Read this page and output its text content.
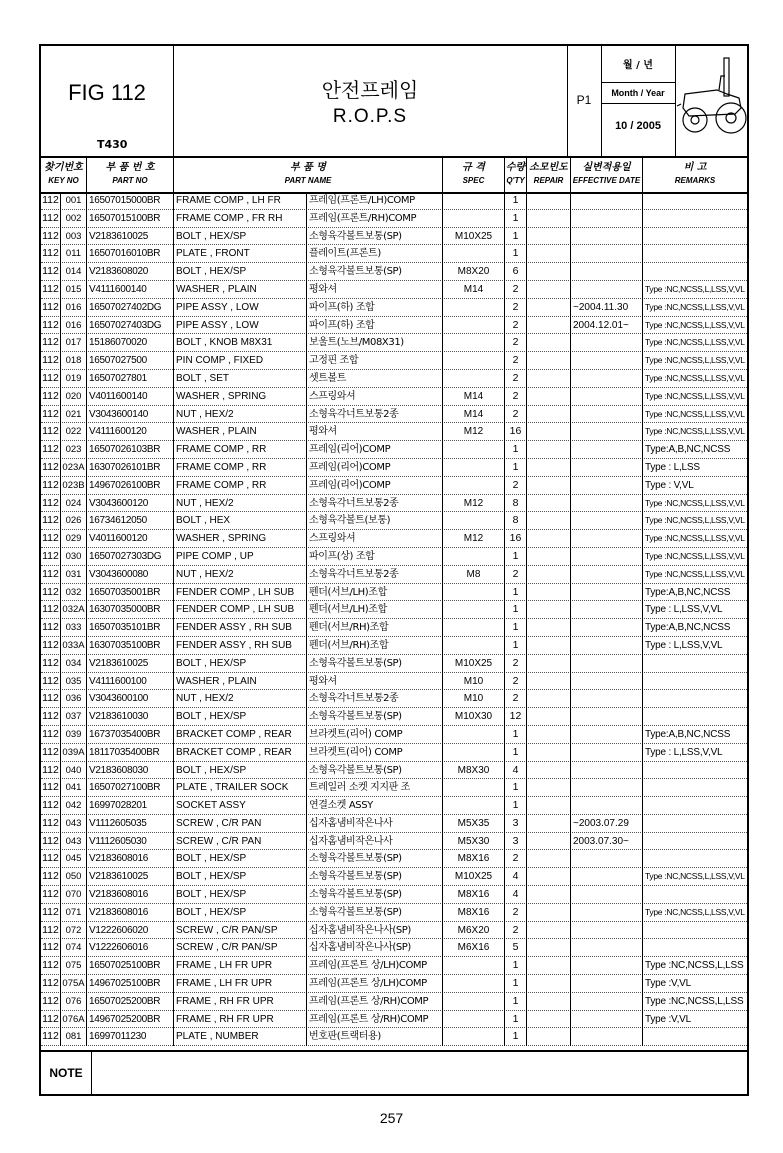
FIG 112
T430
안전프레임
R.O.P.S
P1
월 / 년
Month / Year
10 / 2005
찾기번호
KEY NO
부 품 번 호
PART NO
부 품 명
PART NAME
규 격
SPEC
수량
Q'TY
소모빈도
REPAIR
실변적용일
EFFECTIVE DATE
비 고
REMARKS
112 001 16507015000BR	FRAME COMP , LH FR	프레임(프론트/LH)COMP	1
112 002 16507015100BR	FRAME COMP , FR RH	프레임(프론트/RH)COMP	1
112 003 V2183610025	BOLT , HEX/SP	소형육각볼트보통(SP)	M10X25	1
112 011 16507016010BR	PLATE , FRONT	플레이트(프론트)	1
112 014 V2183608020	BOLT , HEX/SP	소형육각볼트보통(SP)	M8X20	6
112 015 V4111600140	WASHER , PLAIN	평와셔	M14	2	Type :NC,NCSS,L,LSS,V,VL
112 016 16507027402DG	PIPE ASSY , LOW	파이프(하) 조합	2	~2004.11.30	Type :NC,NCSS,L,LSS,V,VL
112 016 16507027403DG	PIPE ASSY , LOW	파이프(하) 조합	2	2004.12.01~	Type :NC,NCSS,L,LSS,V,VL
112 017 15186070020	BOLT , KNOB M8X31	보울트(노브/M08X31)	2	Type :NC,NCSS,L,LSS,V,VL
112 018 16507027500	PIN COMP , FIXED	고정핀 조합	2	Type :NC,NCSS,L,LSS,V,VL
112 019 16507027801	BOLT , SET	셋트볼트	2	Type :NC,NCSS,L,LSS,V,VL
112 020 V4011600140	WASHER , SPRING	스프링와셔	M14	2	Type :NC,NCSS,L,LSS,V,VL
112 021 V3043600140	NUT , HEX/2	소형육각너트보통2종	M14	2	Type :NC,NCSS,L,LSS,V,VL
112 022 V4111600120	WASHER , PLAIN	평와셔	M12	16	Type :NC,NCSS,L,LSS,V,VL
112 023 16507026103BR	FRAME COMP , RR	프레임(리어)COMP	1	Type:A,B,NC,NCSS
112 023A 16307026101BR	FRAME COMP , RR	프레임(리어)COMP	1	Type : L,LSS
112 023B 14967026100BR	FRAME COMP , RR	프레임(리어)COMP	2	Type : V,VL
112 024 V3043600120	NUT , HEX/2	소형육각너트보통2종	M12	8	Type :NC,NCSS,L,LSS,V,VL
112 026 16734612050	BOLT , HEX	소형육각볼트(보통)	8	Type :NC,NCSS,L,LSS,V,VL
112 029 V4011600120	WASHER , SPRING	스프링와셔	M12	16	Type :NC,NCSS,L,LSS,V,VL
112 030 16507027303DG	PIPE COMP , UP	파이프(상) 조합	1	Type :NC,NCSS,L,LSS,V,VL
112 031 V3043600080	NUT , HEX/2	소형육각너트보통2종	M8	2	Type :NC,NCSS,L,LSS,V,VL
112 032 16507035001BR	FENDER COMP , LH SUB	펜더(서브/LH)조합	1	Type:A,B,NC,NCSS
112 032A 16307035000BR	FENDER COMP , LH SUB	펜더(서브/LH)조합	1	Type : L,LSS,V,VL
112 033 16507035101BR	FENDER ASSY , RH SUB	펜더(서브/RH)조합	1	Type:A,B,NC,NCSS
112 033A 16307035100BR	FENDER ASSY , RH SUB	펜더(서브/RH)조합	1	Type : L,LSS,V,VL
112 034 V2183610025	BOLT , HEX/SP	소형육각볼트보통(SP)	M10X25	2
112 035 V4111600100	WASHER , PLAIN	평와셔	M10	2
112 036 V3043600100	NUT , HEX/2	소형육각너트보통2종	M10	2
112 037 V2183610030	BOLT , HEX/SP	소형육각볼트보통(SP)	M10X30	12
112 039 16737035400BR	BRACKET COMP , REAR	브라켓트(리어) COMP	1	Type:A,B,NC,NCSS
112 039A 18117035400BR	BRACKET COMP , REAR	브라켓트(리어) COMP	1	Type : L,LSS,V,VL
112 040 V2183608030	BOLT , HEX/SP	소형육각볼트보통(SP)	M8X30	4
112 041 16507027100BR	PLATE , TRAILER SOCK	트레일러 소켓 지지판 조	1
112 042 16997028201	SOCKET ASSY	연결소켓 ASSY	1
112 043 V1112605035	SCREW , C/R PAN	십자홈냄비작은나사	M5X35	3	~2003.07.29
112 043 V1112605030	SCREW , C/R PAN	십자홈냄비작은나사	M5X30	3	2003.07.30~
112 045 V2183608016	BOLT , HEX/SP	소형육각볼트보통(SP)	M8X16	2
112 050 V2183610025	BOLT , HEX/SP	소형육각볼트보통(SP)	M10X25	4	Type :NC,NCSS,L,LSS,V,VL
112 070 V2183608016	BOLT , HEX/SP	소형육각볼트보통(SP)	M8X16	4
112 071 V2183608016	BOLT , HEX/SP	소형육각볼트보통(SP)	M8X16	2	Type :NC,NCSS,L,LSS,V,VL
112 072 V1222606020	SCREW , C/R PAN/SP	십자홈냄비작은나사(SP)	M6X20	2
112 074 V1222606016	SCREW , C/R PAN/SP	십자홈냄비작은나사(SP)	M6X16	5
112 075 16507025100BR	FRAME , LH FR UPR	프레임(프론트 상/LH)COMP	1	Type :NC,NCSS,L,LSS
112 075A 14967025100BR	FRAME , LH FR UPR	프레임(프론트 상/LH)COMP	1	Type :V,VL
112 076 16507025200BR	FRAME , RH FR UPR	프레임(프론트 상/RH)COMP	1	Type :NC,NCSS,L,LSS
112 076A 14967025200BR	FRAME , RH FR UPR	프레임(프론트 상/RH)COMP	1	Type :V,VL
112 081 16997011230	PLATE , NUMBER	번호판(트랙터용)	1
NOTE
257
